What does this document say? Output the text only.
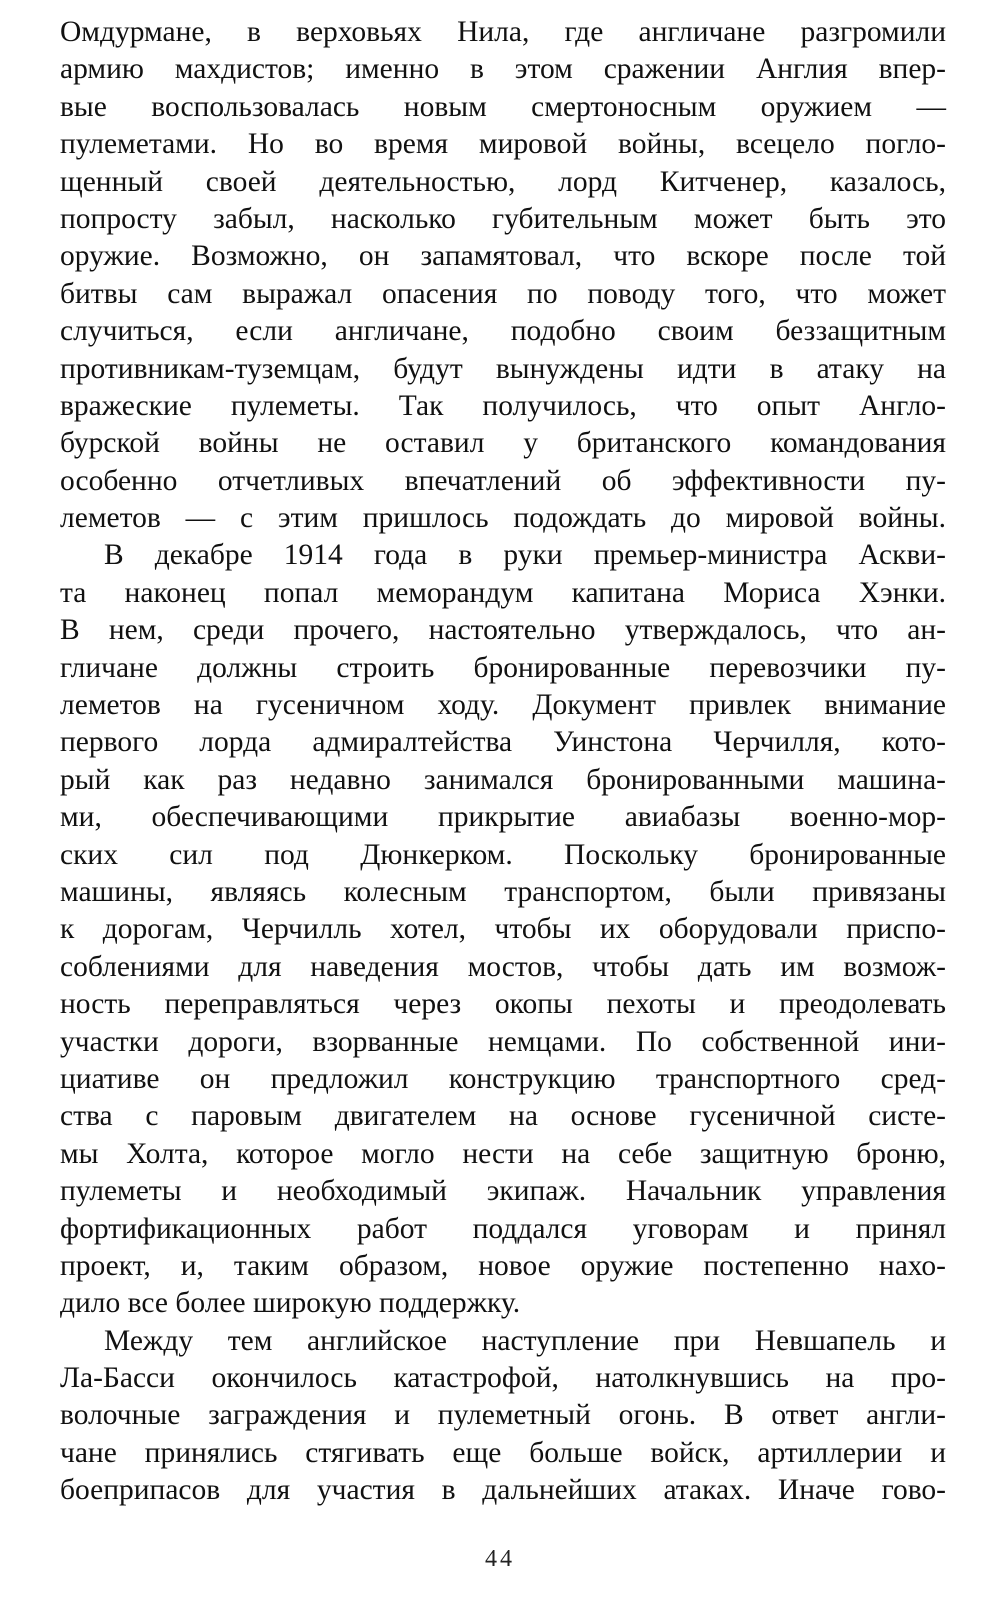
Омдурмане, в верховьях Нила, где англичане разгромили
армию махдистов; именно в этом сражении Англия впер-
вые воспользовалась новым смертоносным оружием —
пулеметами. Но во время мировой войны, всецело погло-
щенный своей деятельностью, лорд Китченер, казалось,
попросту забыл, насколько губительным может быть это
оружие. Возможно, он запамятовал, что вскоре после той
битвы сам выражал опасения по поводу того, что может
случиться, если англичане, подобно своим беззащитным
противникам-туземцам, будут вынуждены идти в атаку на
вражеские пулеметы. Так получилось, что опыт Англо-
бурской войны не оставил у британского командования
особенно отчетливых впечатлений об эффективности пу-
леметов — с этим пришлось подождать до мировой войны.
В декабре 1914 года в руки премьер-министра Аскви-
та наконец попал меморандум капитана Мориса Хэнки.
В нем, среди прочего, настоятельно утверждалось, что ан-
гличане должны строить бронированные перевозчики пу-
леметов на гусеничном ходу. Документ привлек внимание
первого лорда адмиралтейства Уинстона Черчилля, кото-
рый как раз недавно занимался бронированными машина-
ми, обеспечивающими прикрытие авиабазы военно-мор-
ских сил под Дюнкерком. Поскольку бронированные
машины, являясь колесным транспортом, были привязаны
к дорогам, Черчилль хотел, чтобы их оборудовали приспо-
соблениями для наведения мостов, чтобы дать им возмож-
ность переправляться через окопы пехоты и преодолевать
участки дороги, взорванные немцами. По собственной ини-
циативе он предложил конструкцию транспортного сред-
ства с паровым двигателем на основе гусеничной систе-
мы Холта, которое могло нести на себе защитную броню,
пулеметы и необходимый экипаж. Начальник управления
фортификационных работ поддался уговорам и принял
проект, и, таким образом, новое оружие постепенно нахо-
дило все более широкую поддержку.
Между тем английское наступление при Невшапель и
Ла-Басси окончилось катастрофой, натолкнувшись на про-
волочные заграждения и пулеметный огонь. В ответ англи-
чане принялись стягивать еще больше войск, артиллерии и
боеприпасов для участия в дальнейших атаках. Иначе гово-
44
